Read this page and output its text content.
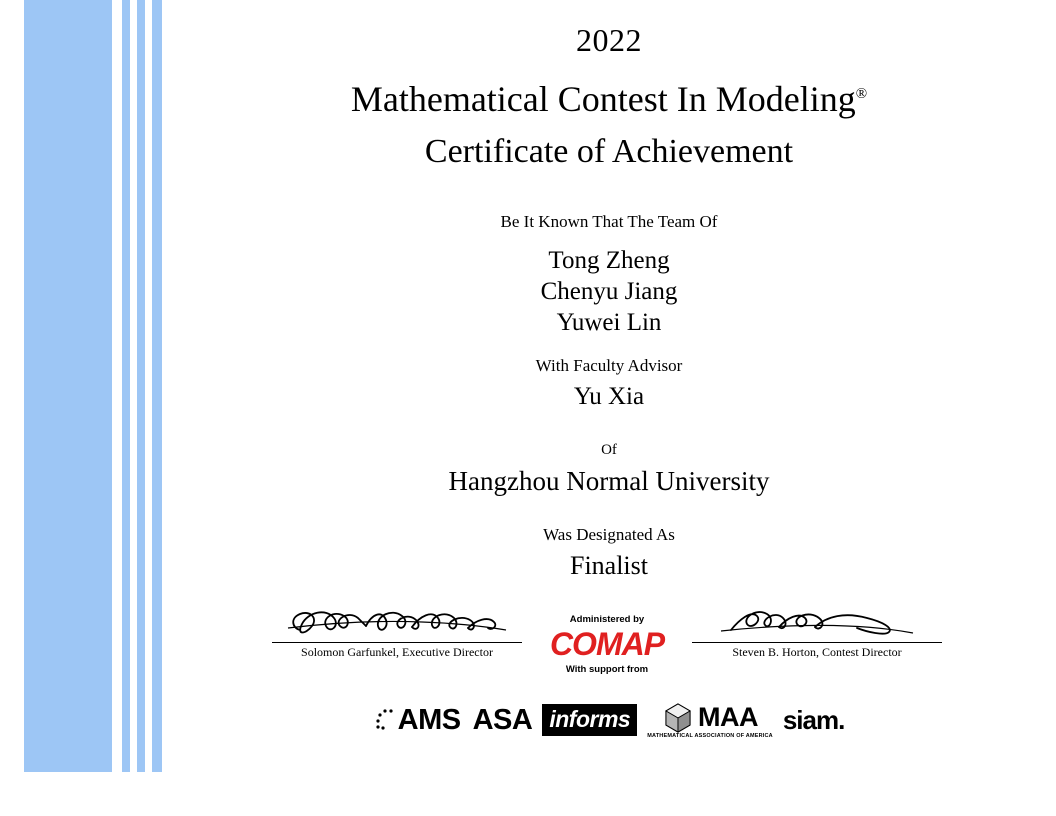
2022
Mathematical Contest In Modeling®
Certificate of Achievement
Be It Known That The Team Of
Tong Zheng
Chenyu Jiang
Yuwei Lin
With Faculty Advisor
Yu Xia
Of
Hangzhou Normal University
Was Designated As
Finalist
Solomon Garfunkel, Executive Director
Administered by
COMAP
With support from
Steven B. Horton, Contest Director
AMS ASA informs	MAA
MATHEMATICAL ASSOCIATION OF AMERICA
siam.
